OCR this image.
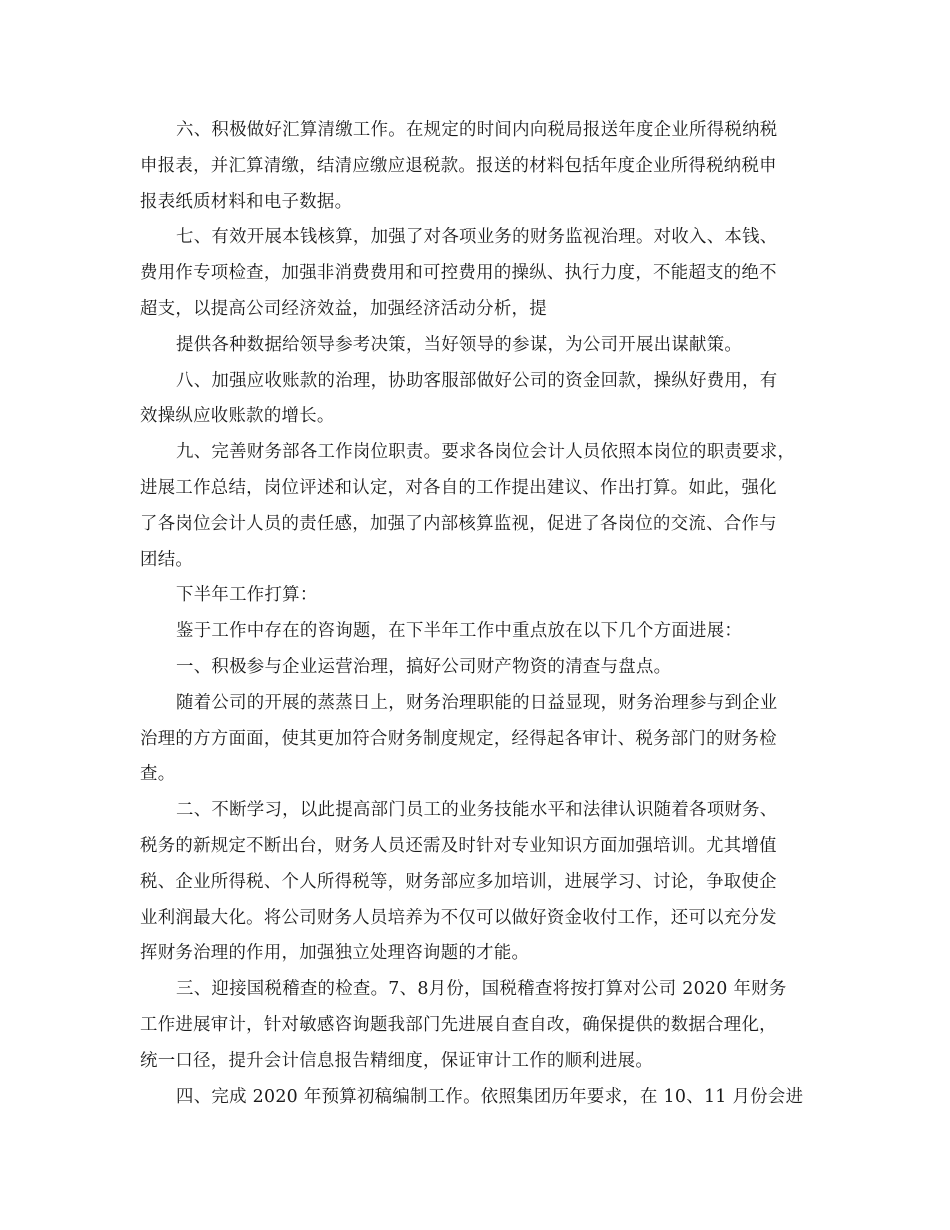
六、积极做好汇算清缴工作。在规定的时间内向税局报送年度企业所得税纳税
申报表，并汇算清缴，结清应缴应退税款。报送的材料包括年度企业所得税纳税申
报表纸质材料和电子数据。
七、有效开展本钱核算，加强了对各项业务的财务监视治理。对收入、本钱、
费用作专项检查，加强非消费费用和可控费用的操纵、执行力度，不能超支的绝不
超支，以提高公司经济效益，加强经济活动分析，提
提供各种数据给领导参考决策，当好领导的参谋，为公司开展出谋献策。
八、加强应收账款的治理，协助客服部做好公司的资金回款，操纵好费用，有
效操纵应收账款的增长。
九、完善财务部各工作岗位职责。要求各岗位会计人员依照本岗位的职责要求，
进展工作总结，岗位评述和认定，对各自的工作提出建议、作出打算。如此，强化
了各岗位会计人员的责任感，加强了内部核算监视，促进了各岗位的交流、合作与
团结。
下半年工作打算：
鉴于工作中存在的咨询题，在下半年工作中重点放在以下几个方面进展：
一、积极参与企业运营治理，搞好公司财产物资的清查与盘点。
随着公司的开展的蒸蒸日上，财务治理职能的日益显现，财务治理参与到企业
治理的方方面面，使其更加符合财务制度规定，经得起各审计、税务部门的财务检
查。
二、不断学习，以此提高部门员工的业务技能水平和法律认识随着各项财务、
税务的新规定不断出台，财务人员还需及时针对专业知识方面加强培训。尤其增值
税、企业所得税、个人所得税等，财务部应多加培训，进展学习、讨论，争取使企
业利润最大化。将公司财务人员培养为不仅可以做好资金收付工作，还可以充分发
挥财务治理的作用，加强独立处理咨询题的才能。
三、迎接国税稽查的检查。7、8月份，国税稽查将按打算对公司 2020 年财务
工作进展审计，针对敏感咨询题我部门先进展自查自改，确保提供的数据合理化，
统一口径，提升会计信息报告精细度，保证审计工作的顺利进展。
四、完成 2020 年预算初稿编制工作。依照集团历年要求，在 10、11 月份会进
